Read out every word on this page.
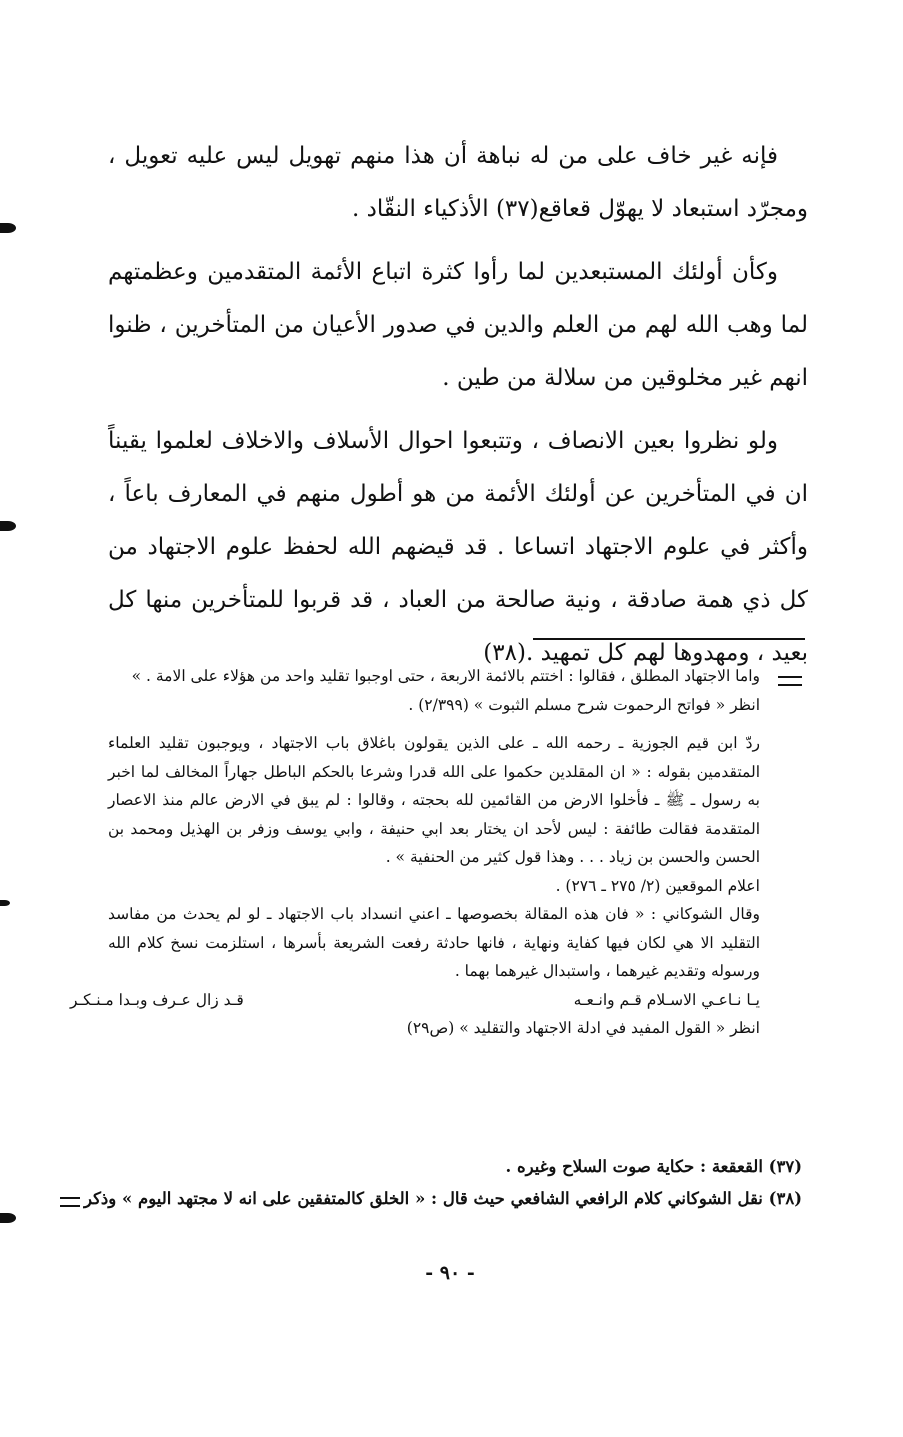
فإنه غير خاف على من له نباهة أن هذا منهم تهويل ليس عليه تعويل ، ومجرّد استبعاد لا يهوّل قعاقع(٣٧) الأذكياء النقّاد .

وكأن أولئك المستبعدين لما رأوا كثرة اتباع الأئمة المتقدمين وعظمتهم لما وهب الله لهم من العلم والدين في صدور الأعيان من المتأخرين ، ظنوا انهم غير مخلوقين من سلالة من طين .

ولو نظروا بعين الانصاف ، وتتبعوا احوال الأسلاف والاخلاف لعلموا يقيناً ان في المتأخرين عن أولئك الأئمة من هو أطول منهم في المعارف باعاً ، وأكثر في علوم الاجتهاد اتساعا . قد قيضهم الله لحفظ علوم الاجتهاد من كل ذي همة صادقة ، ونية صالحة من العباد ، قد قربوا للمتأخرين منها كل بعيد ، ومهدوها لهم كل تمهيد .(٣٨)

واما الاجتهاد المطلق ، فقالوا : اختتم بالائمة الاربعة ، حتى اوجبوا تقليد واحد من هؤلاء على الامة . »

انظر « فواتح الرحموت شرح مسلم الثبوت » (٢/٣٩٩) .

ردّ ابن قيم الجوزية ـ رحمه الله ـ على الذين يقولون باغلاق باب الاجتهاد ، ويوجبون تقليد العلماء المتقدمين بقوله : « ان المقلدين حكموا على الله قدرا وشرعا بالحكم الباطل جهاراً المخالف لما اخبر به رسول ـ ﷺ ـ فأخلوا الارض من القائمين لله بحجته ، وقالوا : لم يبق في الارض عالم منذ الاعصار المتقدمة فقالت طائفة : ليس لأحد ان يختار بعد ابي حنيفة ، وابي يوسف وزفر بن الهذيل ومحمد بن الحسن والحسن بن زياد . . . وهذا قول كثير من الحنفية » .

اعلام الموقعين (٢/ ٢٧٥ ـ ٢٧٦) .

وقال الشوكاني : « فان هذه المقالة بخصوصها ـ اعني انسداد باب الاجتهاد ـ لو لم يحدث من مفاسد التقليد الا هي لكان فيها كفاية ونهاية ، فانها حادثة رفعت الشريعة بأسرها ، استلزمت نسخ كلام الله ورسوله وتقديم غيرهما ، واستبدال غيرهما بهما .

يـا نـاعـي الاسـلام قـم وانـعـه
قـد زال عـرف وبـدا مـنـكـر

انظر « القول المفيد في ادلة الاجتهاد والتقليد » (ص٢٩)

(٣٧) القعقعة : حكاية صوت السلاح وغيره .

(٣٨) نقل الشوكاني كلام الرافعي الشافعي حيث قال : « الخلق كالمتفقين على انه لا مجتهد اليوم » وذكر

- ٩٠ -
